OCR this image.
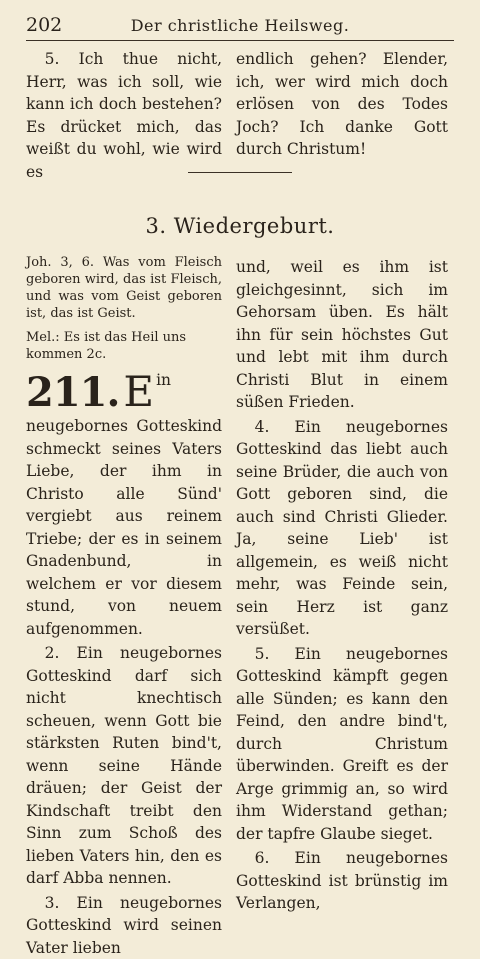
202	Der christliche Heilsweg.

5. Ich thue nicht, Herr, was ich soll, wie kann ich doch bestehen? Es drücket mich, das weißt du wohl, wie wird es

endlich gehen? Elender, ich, wer wird mich doch erlösen von des Todes Joch? Ich danke Gott durch Christum!

3. Wiedergeburt.

Joh. 3, 6. Was vom Fleisch geboren wird, das ist Fleisch, und was vom Geist geboren ist, das ist Geist.

Mel.: Es ist das Heil uns kommen 2c.

211. E in neugebornes Gotteskind schmeckt seines Vaters Liebe, der ihm in Christo alle Sünd' vergiebt aus reinem Triebe; der es in seinem Gnadenbund, in welchem er vor diesem stund, von neuem aufgenommen.

2. Ein neugebornes Gotteskind darf sich nicht knechtisch scheuen, wenn Gott bie stärksten Ruten bind't, wenn seine Hände dräuen; der Geist der Kindschaft treibt den Sinn zum Schoß des lieben Vaters hin, den es darf Abba nennen.

3. Ein neugebornes Gotteskind wird seinen Vater lieben

und, weil es ihm ist gleichgesinnt, sich im Gehorsam üben. Es hält ihn für sein höchstes Gut und lebt mit ihm durch Christi Blut in einem süßen Frieden.

4. Ein neugebornes Gotteskind das liebt auch seine Brüder, die auch von Gott geboren sind, die auch sind Christi Glieder. Ja, seine Lieb' ist allgemein, es weiß nicht mehr, was Feinde sein, sein Herz ist ganz versüßet.

5. Ein neugebornes Gotteskind kämpft gegen alle Sünden; es kann den Feind, den andre bind't, durch Christum überwinden. Greift es der Arge grimmig an, so wird ihm Widerstand gethan; der tapfre Glaube sieget.

6. Ein neugebornes Gotteskind ist brünstig im Verlangen,
